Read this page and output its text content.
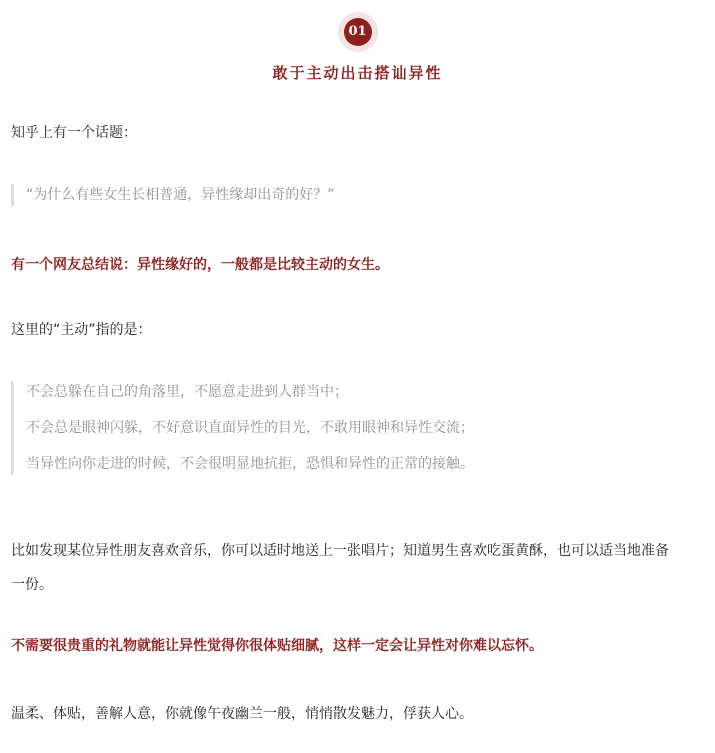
01
敢于主动出击搭讪异性

知乎上有一个话题：

“为什么有些女生长相普通，异性缘却出奇的好？”

有一个网友总结说：异性缘好的，一般都是比较主动的女生。

这里的“主动”指的是：

不会总躲在自己的角落里，不愿意走进到人群当中；

不会总是眼神闪躲，不好意识直面异性的目光，不敢用眼神和异性交流；

当异性向你走进的时候，不会很明显地抗拒，恐惧和异性的正常的接触。

比如发现某位异性朋友喜欢音乐，你可以适时地送上一张唱片；知道男生喜欢吃蛋黄酥，也可以适当地准备一份。

不需要很贵重的礼物就能让异性觉得你很体贴细腻，这样一定会让异性对你难以忘怀。

温柔、体贴，善解人意，你就像午夜幽兰一般，悄悄散发魅力，俘获人心。
